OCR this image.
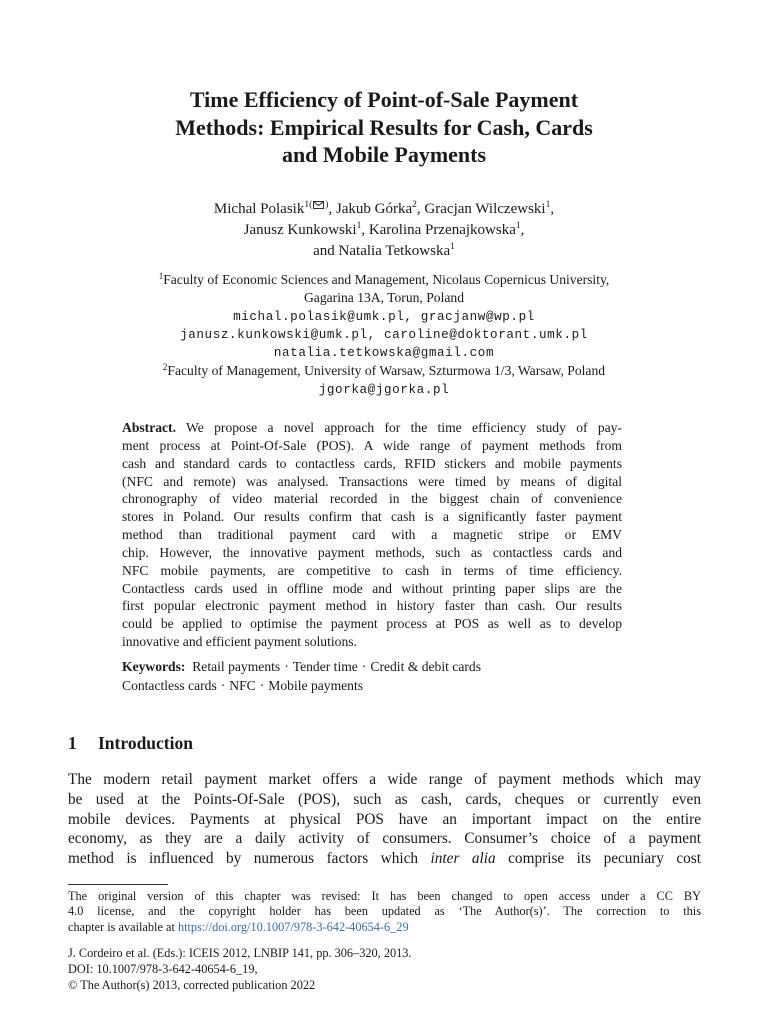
Time Efficiency of Point-of-Sale Payment
Methods: Empirical Results for Cash, Cards
and Mobile Payments
Michal Polasik$^{1( )}$, Jakub Górka$^2$, Gracjan Wilczewski$^1$,
Janusz Kunkowski$^1$, Karolina Przenajkowska$^1$,
and Natalia Tetkowska$^1$
$^1$Faculty of Economic Sciences and Management, Nicolaus Copernicus University,
Gagarina 13A, Torun, Poland
michal.polasik@umk.pl, gracjanw@wp.pl
janusz.kunkowski@umk.pl, caroline@doktorant.umk.pl
natalia.tetkowska@gmail.com
$^2$Faculty of Management, University of Warsaw, Szturmowa 1/3, Warsaw, Poland
jgorka@jgorka.pl
Abstract. We propose a novel approach for the time efficiency study of pay-
ment process at Point-Of-Sale (POS). A wide range of payment methods from
cash and standard cards to contactless cards, RFID stickers and mobile payments
(NFC and remote) was analysed. Transactions were timed by means of digital
chronography of video material recorded in the biggest chain of convenience
stores in Poland. Our results confirm that cash is a significantly faster payment
method than traditional payment card with a magnetic stripe or EMV
chip. However, the innovative payment methods, such as contactless cards and
NFC mobile payments, are competitive to cash in terms of time efficiency.
Contactless cards used in offline mode and without printing paper slips are the
first popular electronic payment method in history faster than cash. Our results
could be applied to optimise the payment process at POS as well as to develop
innovative and efficient payment solutions.
Keywords: Retail payments · Tender time · Credit & debit cards
Contactless cards · NFC · Mobile payments
1 Introduction
The modern retail payment market offers a wide range of payment methods which may
be used at the Points-Of-Sale (POS), such as cash, cards, cheques or currently even
mobile devices. Payments at physical POS have an important impact on the entire
economy, as they are a daily activity of consumers. Consumer’s choice of a payment
method is influenced by numerous factors which inter alia comprise its pecuniary cost
The original version of this chapter was revised: It has been changed to open access under a CC BY
4.0 license, and the copyright holder has been updated as ‘The Author(s)’. The correction to this
chapter is available at https://doi.org/10.1007/978-3-642-40654-6_29
J. Cordeiro et al. (Eds.): ICEIS 2012, LNBIP 141, pp. 306–320, 2013.
DOI: 10.1007/978-3-642-40654-6_19,
© The Author(s) 2013, corrected publication 2022
